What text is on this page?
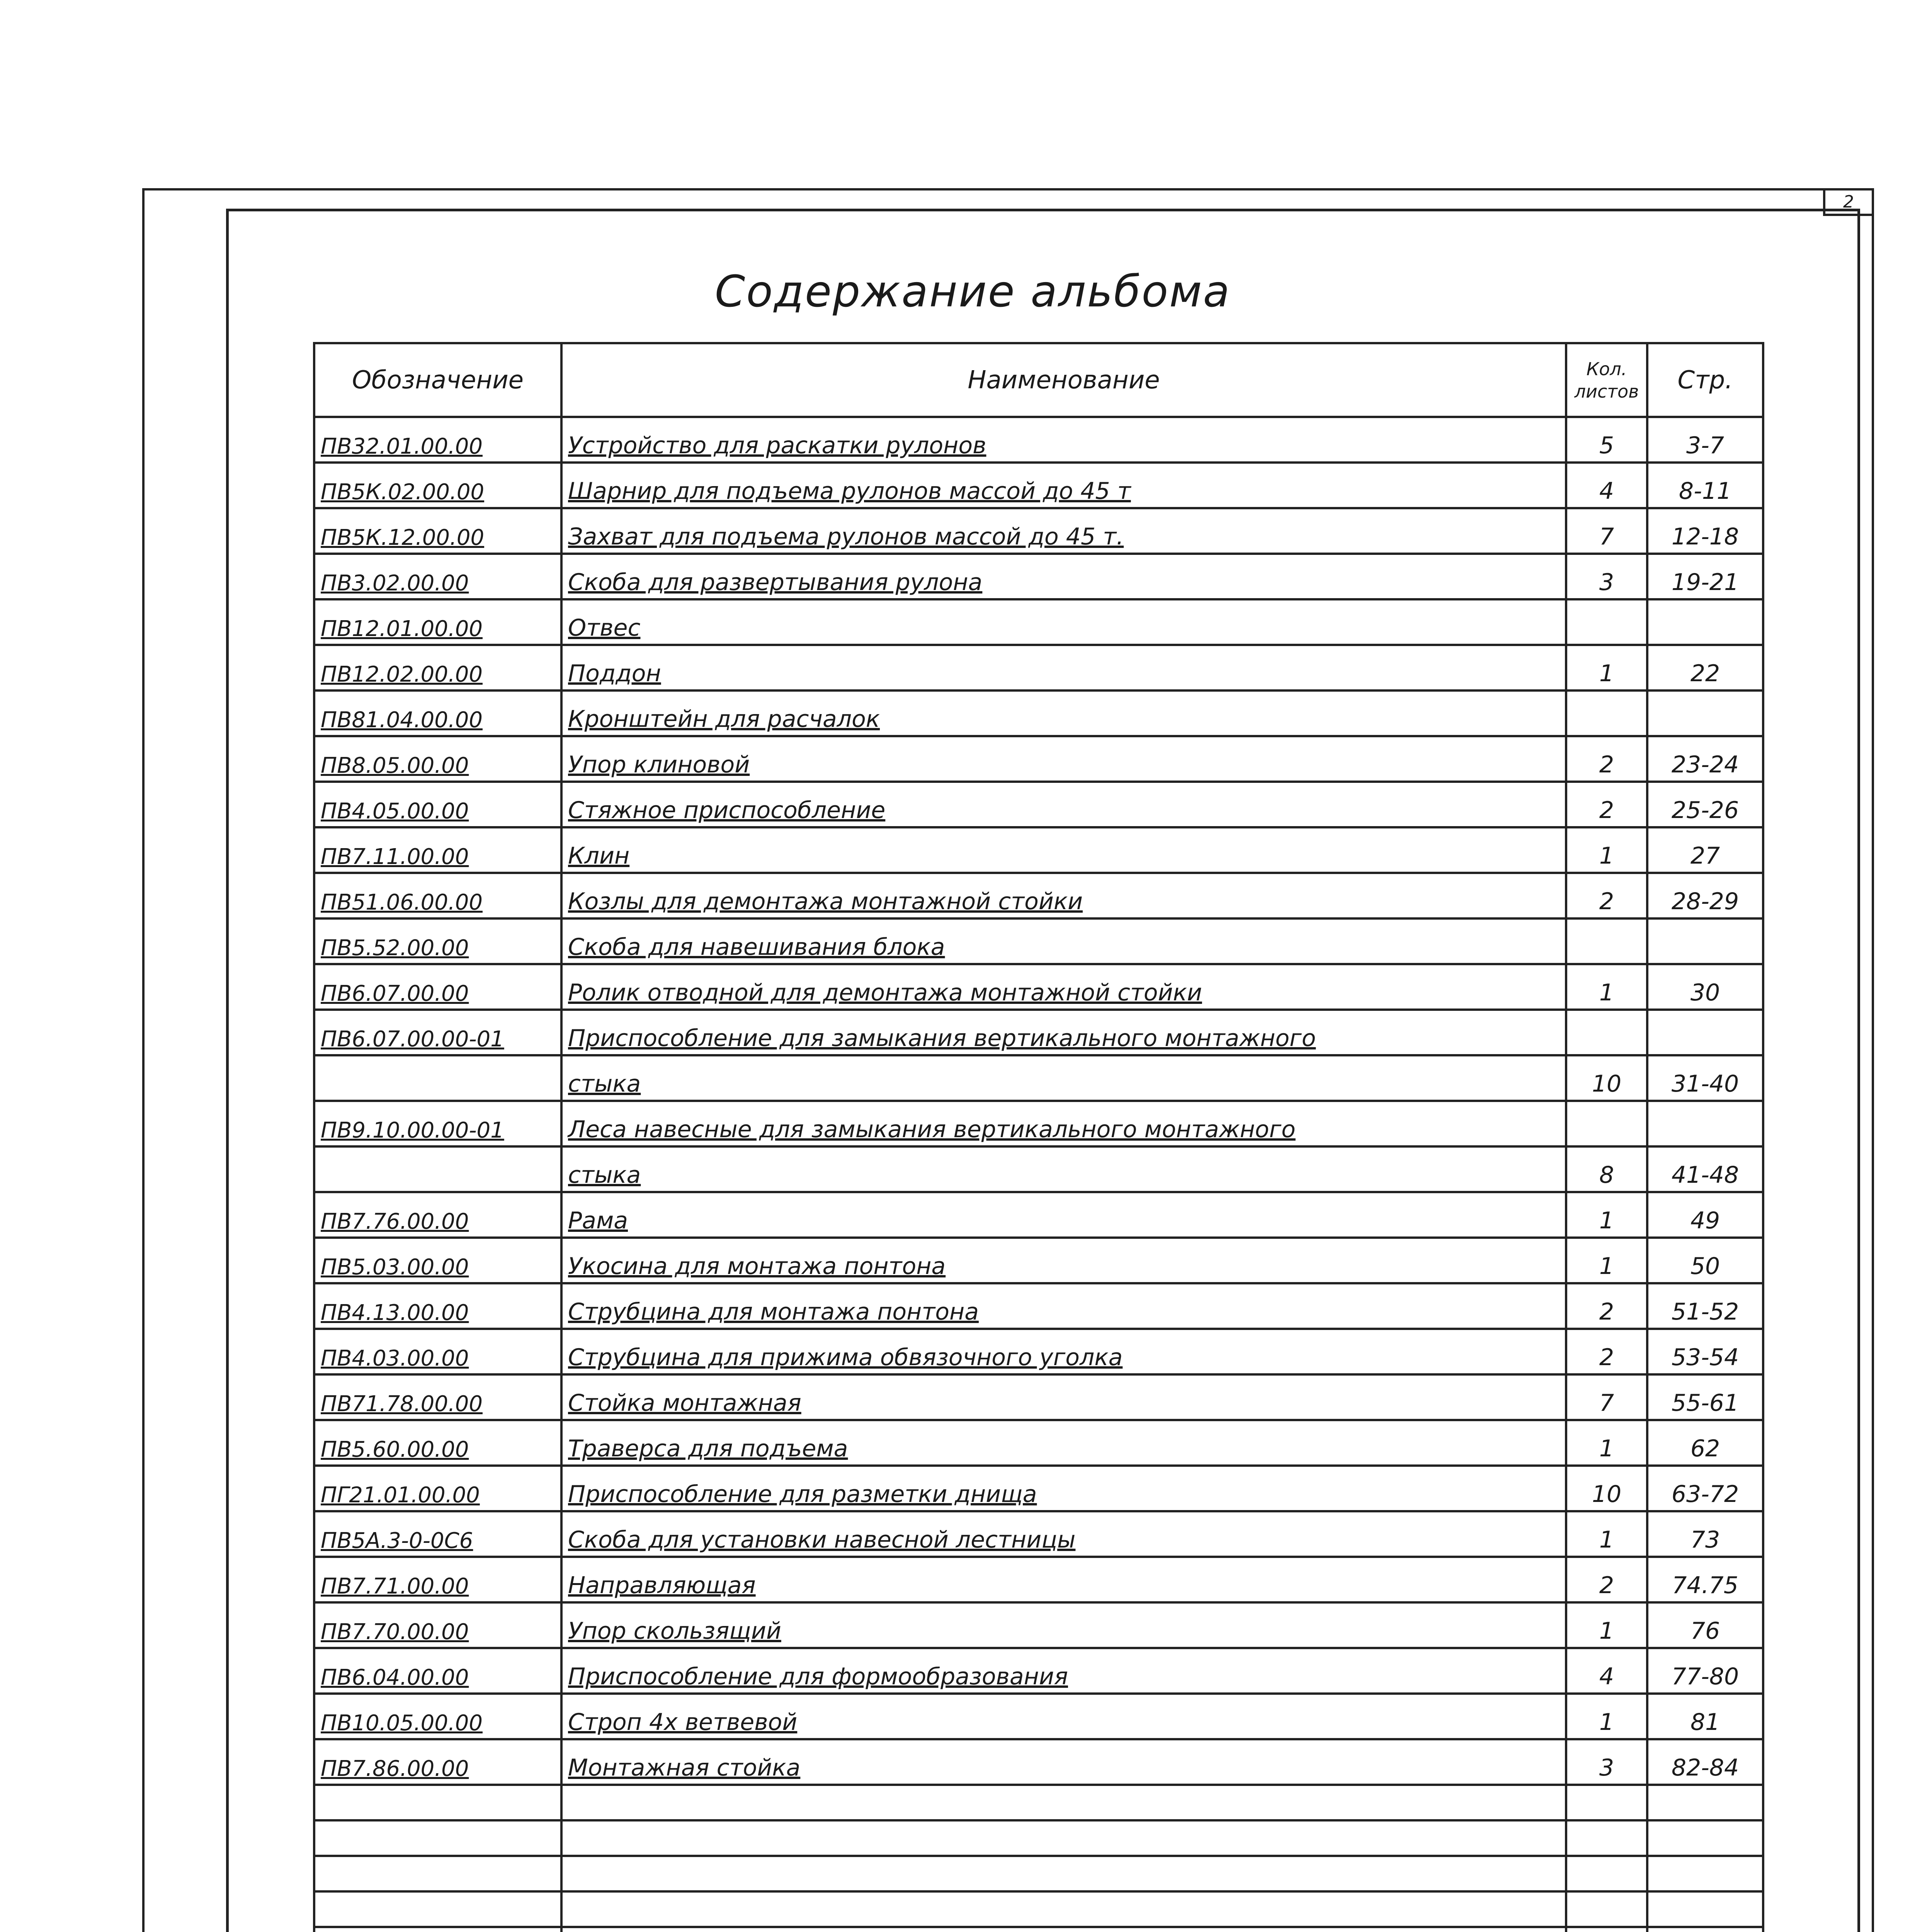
2
Содержание альбома
Обозначение	Наименование	Кол. листов	Стр.
ПВ32.01.00.00	Устройство для раскатки рулонов	5	3-7
ПВ5К.02.00.00	Шарнир для подъема рулонов массой до 45 т	4	8-11
ПВ5К.12.00.00	Захват для подъема рулонов массой до 45 т.	7	12-18
ПВ3.02.00.00	Скоба для развертывания рулона	3	19-21
ПВ12.01.00.00	Отвес		
ПВ12.02.00.00	Поддон	1	22
ПВ81.04.00.00	Кронштейн для расчалок		
ПВ8.05.00.00	Упор клиновой	2	23-24
ПВ4.05.00.00	Стяжное приспособление	2	25-26
ПВ7.11.00.00	Клин	1	27
ПВ51.06.00.00	Козлы для демонтажа монтажной стойки	2	28-29
ПВ5.52.00.00	Скоба для навешивания блока		
ПВ6.07.00.00	Ролик отводной для демонтажа монтажной стойки	1	30
ПВ6.07.00.00-01	Приспособление для замыкания вертикального монтажного		
	стыка	10	31-40
ПВ9.10.00.00-01	Леса навесные для замыкания вертикального монтажного		
	стыка	8	41-48
ПВ7.76.00.00	Рама	1	49
ПВ5.03.00.00	Укосина для монтажа понтона	1	50
ПВ4.13.00.00	Струбцина для монтажа понтона	2	51-52
ПВ4.03.00.00	Струбцина для прижима обвязочного уголка	2	53-54
ПВ71.78.00.00	Стойка монтажная	7	55-61
ПВ5.60.00.00	Траверса для подъема	1	62
ПГ21.01.00.00	Приспособление для разметки днища	10	63-72
ПВ5А.3-0-0С6	Скоба для установки навесной лестницы	1	73
ПВ7.71.00.00	Направляющая	2	74.75
ПВ7.70.00.00	Упор скользящий	1	76
ПВ6.04.00.00	Приспособление для формообразования	4	77-80
ПВ10.05.00.00	Строп 4х ветвевой	1	81
ПВ7.86.00.00	Монтажная стойка	3	82-84
